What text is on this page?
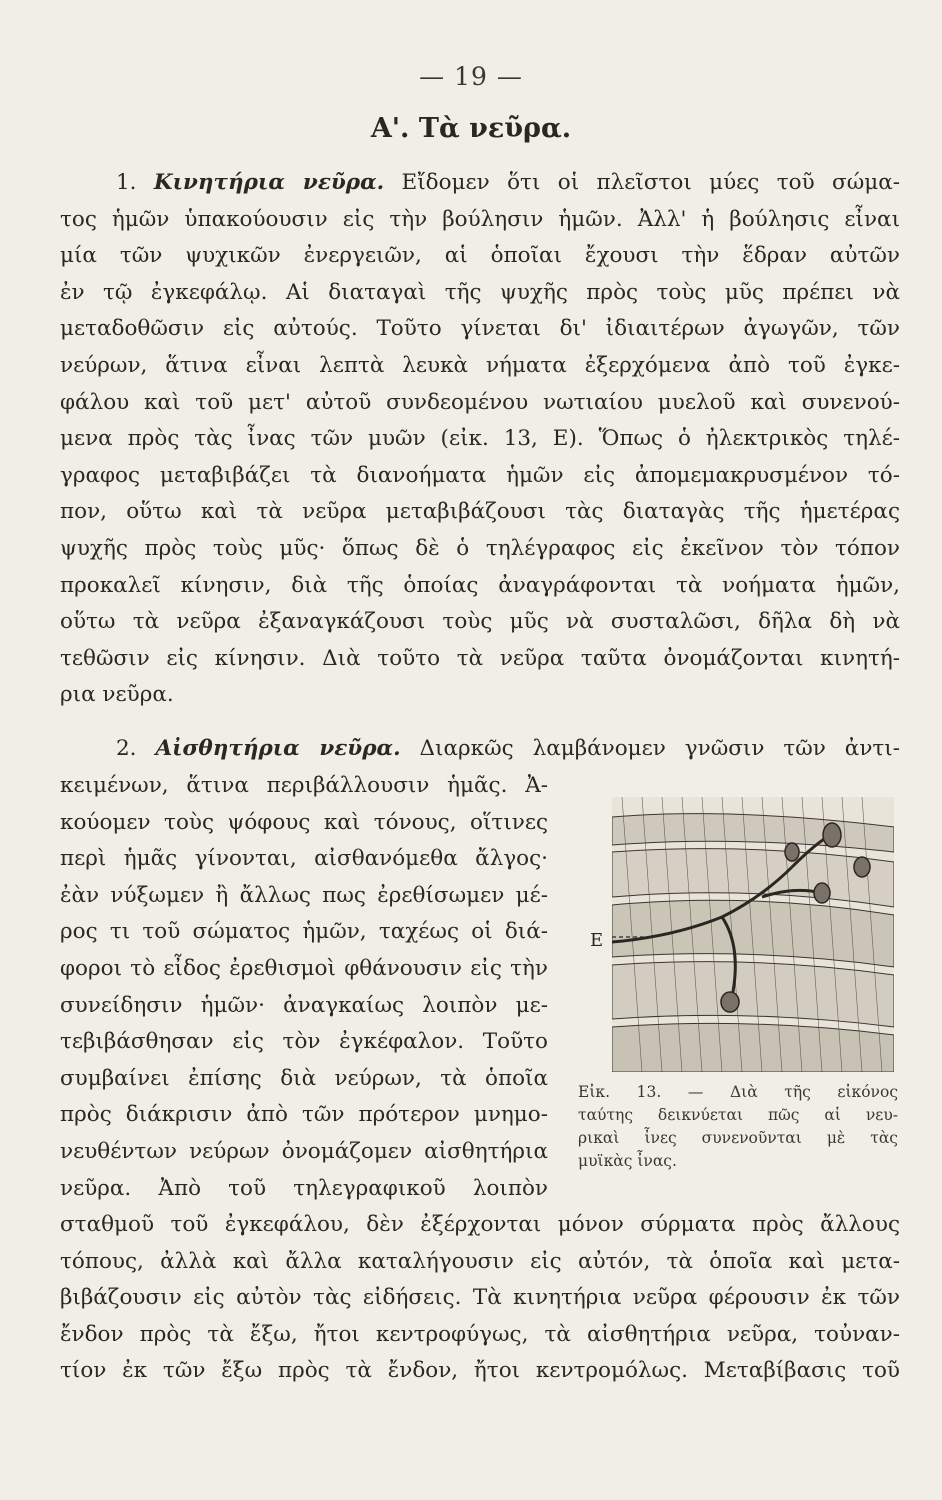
— 19 —
Α'. Τὰ νεῦρα.
1. Κινητήρια νεῦρα. Εἴδομεν ὅτι οἱ πλεῖστοι μύες τοῦ σώμα-
τος ἡμῶν ὑπακούουσιν εἰς τὴν βούλησιν ἡμῶν. Ἀλλ' ἡ βούλησις εἶναι
μία τῶν ψυχικῶν ἐνεργειῶν, αἱ ὁποῖαι ἔχουσι τὴν ἕδραν αὐτῶν
ἐν τῷ ἐγκεφάλῳ. Αἱ διαταγαὶ τῆς ψυχῆς πρὸς τοὺς μῦς πρέπει νὰ
μεταδοθῶσιν εἰς αὐτούς. Τοῦτο γίνεται δι' ἰδιαιτέρων ἀγωγῶν, τῶν
νεύρων, ἅτινα εἶναι λεπτὰ λευκὰ νήματα ἐξερχόμενα ἀπὸ τοῦ ἐγκε-
φάλου καὶ τοῦ μετ' αὐτοῦ συνδεομένου νωτιαίου μυελοῦ καὶ συνενού-
μενα πρὸς τὰς ἶνας τῶν μυῶν (εἰκ. 13, Ε). Ὅπως ὁ ἠλεκτρικὸς τηλέ-
γραφος μεταβιβάζει τὰ διανοήματα ἡμῶν εἰς ἀπομεμακρυσμένον τό-
πον, οὕτω καὶ τὰ νεῦρα μεταβιβάζουσι τὰς διαταγὰς τῆς ἡμετέρας
ψυχῆς πρὸς τοὺς μῦς· ὅπως δὲ ὁ τηλέγραφος εἰς ἐκεῖνον τὸν τόπον
προκαλεῖ κίνησιν, διὰ τῆς ὁποίας ἀναγράφονται τὰ νοήματα ἡμῶν,
οὕτω τὰ νεῦρα ἐξαναγκάζουσι τοὺς μῦς νὰ συσταλῶσι, δῆλα δὴ νὰ
τεθῶσιν εἰς κίνησιν. Διὰ τοῦτο τὰ νεῦρα ταῦτα ὀνομάζονται κινητή-
ρια νεῦρα.
2. Αἰσθητήρια νεῦρα. Διαρκῶς λαμβάνομεν γνῶσιν τῶν ἀντι-
κειμένων, ἅτινα περιβάλλουσιν ἡμᾶς. Ἀ-
κούομεν τοὺς ψόφους καὶ τόνους, οἵτινες
περὶ ἡμᾶς γίνονται, αἰσθανόμεθα ἄλγος·
ἐὰν νύξωμεν ἢ ἄλλως πως ἐρεθίσωμεν μέ-
ρος τι τοῦ σώματος ἡμῶν, ταχέως οἱ διά-
φοροι τὸ εἶδος ἐρεθισμοὶ φθάνουσιν εἰς τὴν
συνείδησιν ἡμῶν· ἀναγκαίως λοιπὸν με-
τεβιβάσθησαν εἰς τὸν ἐγκέφαλον. Τοῦτο
συμβαίνει ἐπίσης διὰ νεύρων, τὰ ὁποῖα
πρὸς διάκρισιν ἀπὸ τῶν πρότερον μνημο-
νευθέντων νεύρων ὀνομάζομεν αἰσθητήρια
νεῦρα. Ἀπὸ τοῦ τηλεγραφικοῦ λοιπὸν
σταθμοῦ τοῦ ἐγκεφάλου, δὲν ἐξέρχονται μόνον σύρματα πρὸς ἄλλους
τόπους, ἀλλὰ καὶ ἄλλα καταλήγουσιν εἰς αὐτόν, τὰ ὁποῖα καὶ μετα-
βιβάζουσιν εἰς αὐτὸν τὰς εἰδήσεις. Τὰ κινητήρια νεῦρα φέρουσιν ἐκ τῶν
ἔνδον πρὸς τὰ ἔξω, ἤτοι κεντροφύγως, τὰ αἰσθητήρια νεῦρα, τοὐναν-
τίον ἐκ τῶν ἔξω πρὸς τὰ ἔνδον, ἤτοι κεντρομόλως. Μεταβίβασις τοῦ
E
Εἰκ. 13. — Διὰ τῆς εἰκόνος
ταύτης δεικνύεται πῶς αἱ νευ-
ρικαὶ ἶνες συνενοῦνται μὲ τὰς
μυϊκὰς ἶνας.
